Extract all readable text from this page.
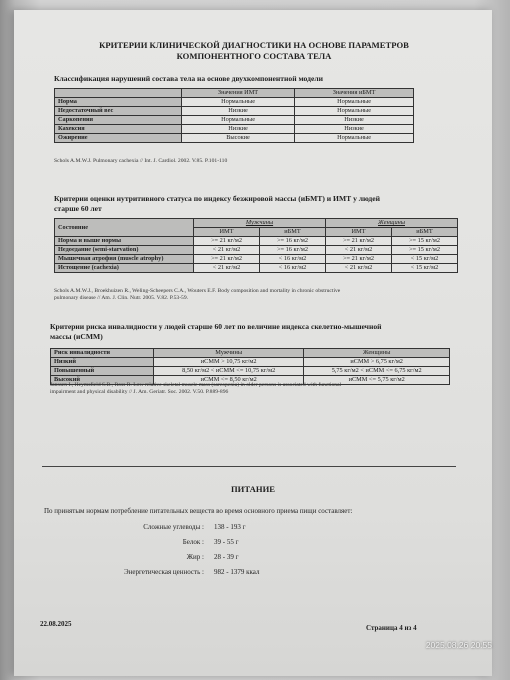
КРИТЕРИИ КЛИНИЧЕСКОЙ ДИАГНОСТИКИ НА ОСНОВЕ ПАРАМЕТРОВ
КОМПОНЕНТНОГО СОСТАВА ТЕЛА
Классификация нарушений состава тела на основе двухкомпонентной модели
	Значения ИМТ	Значения иБМТ
Норма	Нормальные	Нормальные
Недостаточный вес	Низкие	Нормальные
Саркопения	Нормальные	Низкие
Кахексия	Низкие	Низкие
Ожирение	Высокие	Нормальные
Schols A.M.W.J. Pulmonary cachexia // Int. J. Cardiol. 2002. V.85. P.101-110
Критерии оценки нутритивного статуса по индексу безжировой массы (иБМТ) и ИМТ у людей
старше 60 лет
Состояние	Мужчины		Женщины	
	ИМТ	иБМТ	ИМТ	иБМТ
Норма и выше нормы	>= 21 кг/м2	>= 16 кг/м2	>= 21 кг/м2	>= 15 кг/м2
Недоедание (semi-starvation)	< 21 кг/м2	>= 16 кг/м2	< 21 кг/м2	>= 15 кг/м2
Мышечная атрофия (muscle atrophy)	>= 21 кг/м2	< 16 кг/м2	>= 21 кг/м2	< 15 кг/м2
Истощение (cachexia)	< 21 кг/м2	< 16 кг/м2	< 21 кг/м2	< 15 кг/м2
Schols A.M.W.J., Broekhuizen R., Weling-Scheepers C.A., Wouters E.F. Body composition and mortality in chronic obstructive
pulmonary disease // Am. J. Clin. Nutr. 2005. V.82. P.53-59.
Критерии риска инвалидности у людей старше 60 лет по величине индекса скелетно-мышечной
массы (иСММ)
Риск инвалидности	Мужчины	Женщины
Низкий	иСММ > 10,75 кг/м2	иСММ > 6,75 кг/м2
Повышенный	8,50 кг/м2 < иСММ <= 10,75 кг/м2	5,75 кг/м2 < иСММ <= 6,75 кг/м2
Высокий	иСММ <= 8,50 кг/м2	иСММ <= 5,75 кг/м2
Janssen I., Heymsfield S.B., Ross R. Low relative skeletal muscle mass (sarcopenia) in older persons is associated with functional
impairment and physical disability // J. Am. Geriatr. Soc. 2002. V.50. P.889-896
ПИТАНИЕ
По принятым нормам потребление питательных веществ во время основного приема пищи составляет:
Сложные углеводы : 138 - 193 г
Белок : 39 - 55 г
Жир : 28 - 39 г
Энергетическая ценность : 982 - 1379 ккал
22.08.2025	Страница 4 из 4
2025.08.26 20:55
